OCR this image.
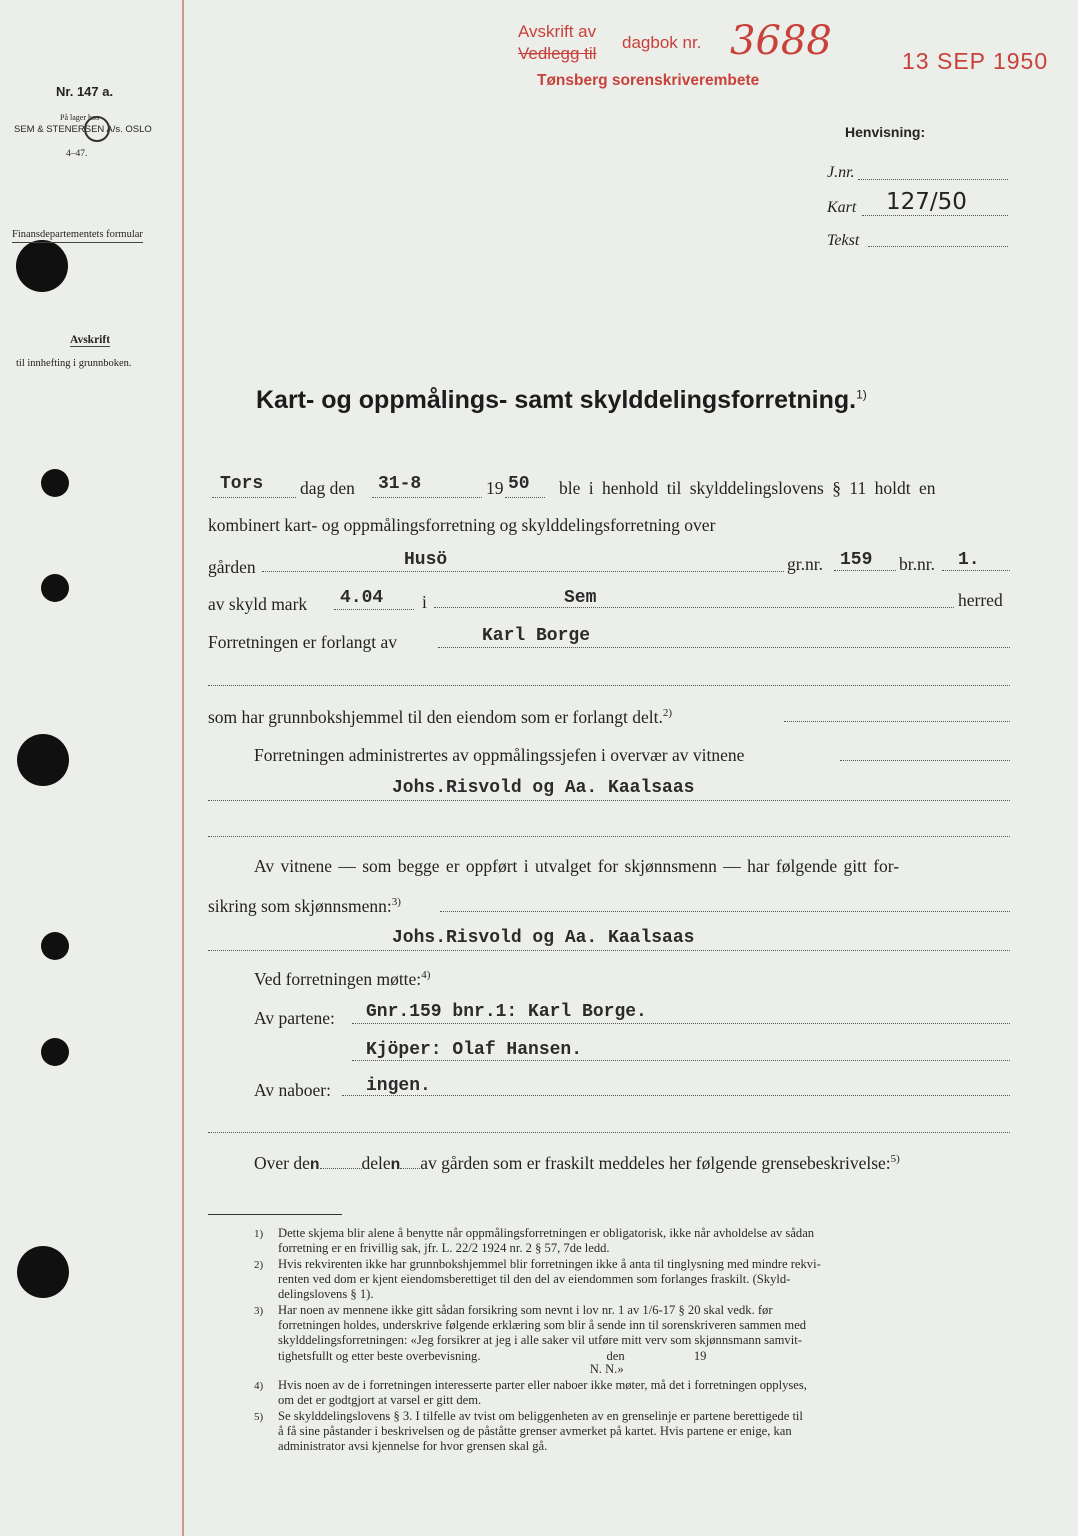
Nr. 147 a.
På lager hos
SEM & STENERSEN A/s. OSLO
4–47.
Finansdepartementets formular
Avskrift
til innhefting i grunnboken.
Avskrift av
Vedlegg til
dagbok nr.
Tønsberg sorenskriverembete
3688	13 SEP 1950
Henvisning:
J.nr.
Kart 127/50
Tekst
Kart- og oppmålings- samt skylddelingsforretning.$^{1)}$
Tors dag den 31-8	19 50 ble i henhold til skylddelingslovens § 11 holdt en
kombinert kart- og oppmålingsforretning og skylddelingsforretning over
gården	Husö	gr.nr. 159 br.nr. 1.
av skyld mark 4.04 i	Sem	herred
Forretningen er forlangt av	Karl Borge
som har grunnbokshjemmel til den eiendom som er forlangt delt.$^{2)}$
Forretningen administrertes av oppmålingssjefen i overvær av vitnene
Johs.Risvold og Aa. Kaalsaas
Av vitnene — som begge er oppført i utvalget for skjønnsmenn — har følgende gitt for-
sikring som skjønnsmenn:$^{3)}$
Johs.Risvold og Aa. Kaalsaas
Ved forretningen møtte:$^{4)}$
Av partene: Gnr.159 bnr.1: Karl Borge.
Kjöper: Olaf Hansen.
Av naboer: ingen.
Over den delen av gården som er fraskilt meddeles her følgende grensebeskrivelse:$^{5)}$
1) Dette skjema blir alene å benytte når oppmålingsforretningen er obligatorisk, ikke når avholdelse av sådan
forretning er en frivillig sak, jfr. L. 22/2 1924 nr. 2 § 57, 7de ledd.
2) Hvis rekvirenten ikke har grunnbokshjemmel blir forretningen ikke å anta til tinglysning med mindre rekvi-
renten ved dom er kjent eiendomsberettiget til den del av eiendommen som forlanges fraskilt. (Skyld-
delingslovens § 1).
3) Har noen av mennene ikke gitt sådan forsikring som nevnt i lov nr. 1 av 1/6-17 § 20 skal vedk. før
forretningen holdes, underskrive følgende erklæring som blir å sende inn til sorenskriveren sammen med
skylddelingsforretningen: «Jeg forsikrer at jeg i alle saker vil utføre mitt verv som skjønnsmann samvit-
tighetsfullt og etter beste overbevisning.                                        den                      19
N. N.»
4) Hvis noen av de i forretningen interesserte parter eller naboer ikke møter, må det i forretningen opplyses,
om det er godtgjort at varsel er gitt dem.
5) Se skylddelingslovens § 3. I tilfelle av tvist om beliggenheten av en grenselinje er partene berettigede til
å få sine påstander i beskrivelsen og de påståtte grenser avmerket på kartet. Hvis partene er enige, kan
administrator avsi kjennelse for hvor grensen skal gå.
